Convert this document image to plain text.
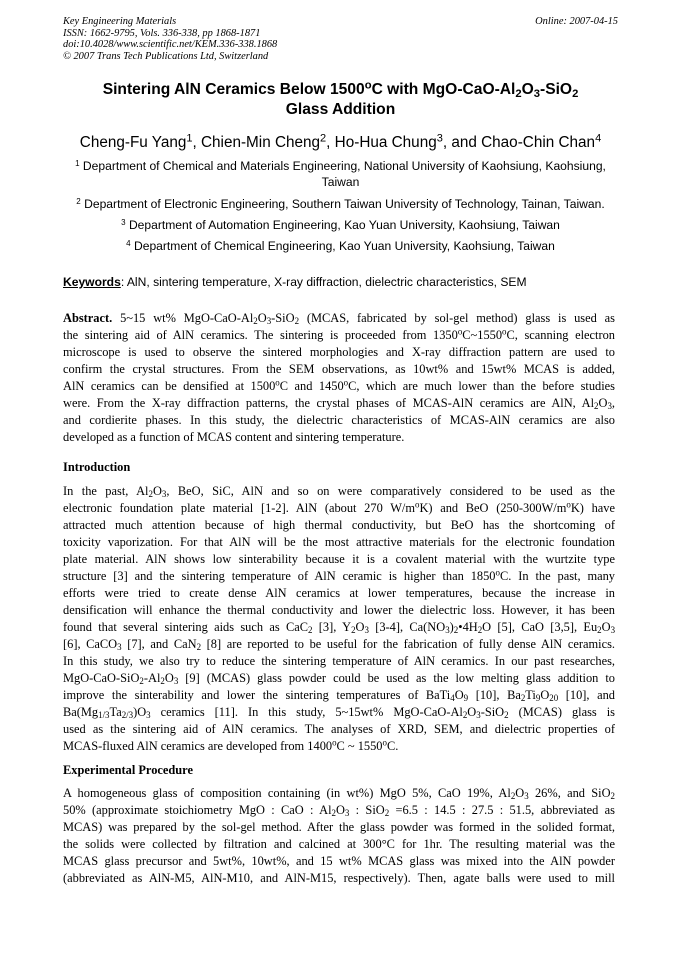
Key Engineering Materials
ISSN: 1662-9795, Vols. 336-338, pp 1868-1871
doi:10.4028/www.scientific.net/KEM.336-338.1868
© 2007 Trans Tech Publications Ltd, Switzerland
Online: 2007-04-15
Sintering AlN Ceramics Below 1500$^o$C with MgO-$CaO-Al_2O_3-SiO_2$
Glass Addition
Cheng-Fu Yang$^1$, Chien-Min Cheng$^2$, Ho-Hua Chung$^3$, and Chao-Chin Chan$^4$
$^1$ Department of Chemical and Materials Engineering, National University of Kaohsiung, Kaohsiung,
Taiwan
$^2$ Department of Electronic Engineering, Southern Taiwan University of Technology, Tainan, Taiwan.
$^3$ Department of Automation Engineering, Kao Yuan University, Kaohsiung, Taiwan
$^4$ Department of Chemical Engineering, Kao Yuan University, Kaohsiung, Taiwan
Keywords: AlN, sintering temperature, X-ray diffraction, dielectric characteristics, SEM
Abstract. 5~15 wt% MgO-$CaO-Al_2O_3-SiO_2$ (MCAS, fabricated by sol-gel method) glass is used as
the sintering aid of AlN ceramics. The sintering is proceeded from 1350$^o$C~1550$^o$C, scanning electron
microscope is used to observe the sintered morphologies and X-ray diffraction pattern are used to
confirm the crystal structures. From the SEM observations, as 10wt% and 15wt% MCAS is added,
AlN ceramics can be densified at 1500$^o$C and 1450$^o$C, which are much lower than the before studies
were. From the X-ray diffraction patterns, the crystal phases of MCAS-AlN ceramics are AlN, $Al_2O_3$,
and cordierite phases. In this study, the dielectric characteristics of MCAS-AlN ceramics are also
developed as a function of MCAS content and sintering temperature.
Introduction
In the past, $Al_2O_3$, BeO, SiC, AlN and so on were comparatively considered to be used as the
electronic foundation plate material [1-2]. AlN (about 270 $W/m^oK$) and BeO $(250-300W/m^oK)$ have
attracted much attention because of high thermal conductivity, but BeO has the shortcoming of
toxicity vaporization. For that AlN will be the most attractive materials for the electronic foundation
plate material. AlN shows low sinterability because it is a covalent material with the wurtzite type
structure [3] and the sintering temperature of AlN ceramic is higher than 1850$^o$C. In the past, many
efforts were tried to create dense AlN ceramics at lower temperatures, because the increase in
densification will enhance the thermal conductivity and lower the dielectric loss. However, it has been
found that several sintering aids such as CaC$_2$ [3], $Y_2O_3$ [3-4], $Ca(NO_3)_2•4H_2O$ [5], CaO [3,5], $Eu_2O_3$
[6], CaCO$_3$ [7], and CaN$_2$ [8] are reported to be useful for the fabrication of fully dense AlN ceramics.
In this study, we also try to reduce the sintering temperature of AlN ceramics. In our past researches,
MgO-$CaO-SiO_2-Al_2O_3$ [9] (MCAS) glass powder could be used as the low melting glass addition to
improve the sinterability and lower the sintering temperatures of $BaTi_4O_9$ [10], $Ba_2Ti_9O_{20}$ [10], and
$Ba(Mg_{1/3}Ta_{2/3})O_3$ ceramics [11]. In this study, 5~15wt% MgO-$CaO-Al_2O_3-SiO_2$ (MCAS) glass is
used as the sintering aid of AlN ceramics. The analyses of XRD, SEM, and dielectric properties of
MCAS-fluxed AlN ceramics are developed from 1400$^o$C ~ 1550$^o$C.
Experimental Procedure
A homogeneous glass of composition containing (in wt%) MgO 5%, CaO 19%, $Al_2O_3$ 26%, and SiO$_2$
50% (approximate stoichiometry MgO : CaO : $Al_2O_3$ : SiO$_2$ =6.5 : 14.5 : 27.5 : 51.5, abbreviated as
MCAS) was prepared by the sol-gel method. After the glass powder was formed in the solided format,
the solids were collected by filtration and calcined at 300°C for 1hr. The resulting material was the
MCAS glass precursor and 5wt%, 10wt%, and 15 wt% MCAS glass was mixed into the AlN powder
(abbreviated as AlN-M5, AlN-M10, and AlN-M15, respectively). Then, agate balls were used to mill
